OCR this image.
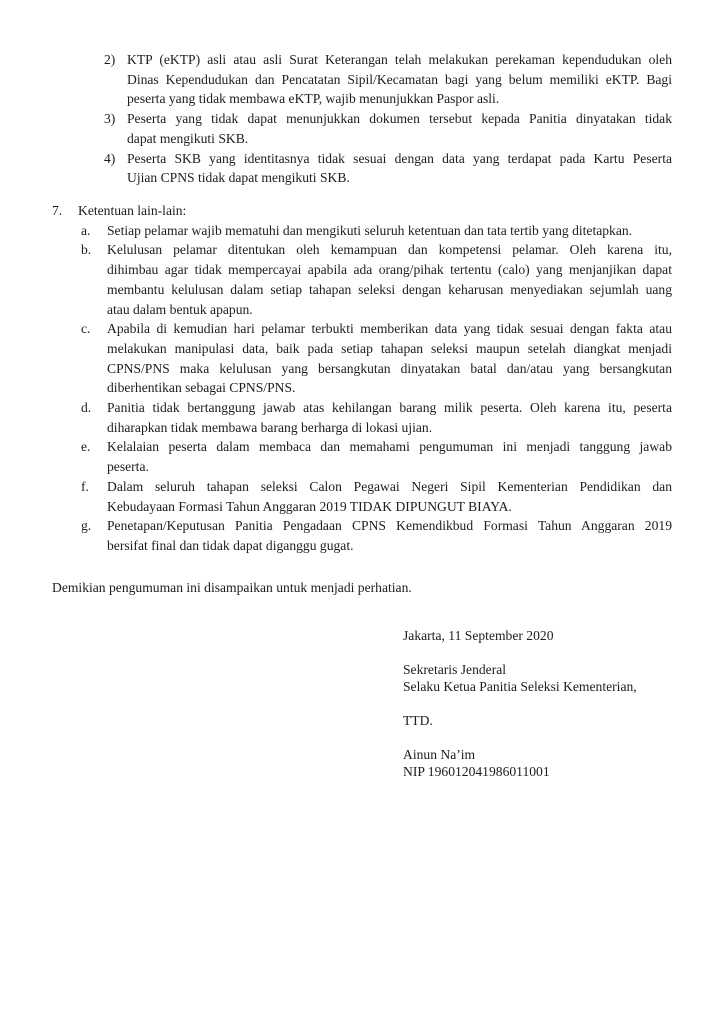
2) KTP (eKTP) asli atau asli Surat Keterangan telah melakukan perekaman kependudukan oleh
Dinas Kependudukan dan Pencatatan Sipil/Kecamatan bagi yang belum memiliki eKTP. Bagi
peserta yang tidak membawa eKTP, wajib menunjukkan Paspor asli.
3) Peserta yang tidak dapat menunjukkan dokumen tersebut kepada Panitia dinyatakan tidak
dapat mengikuti SKB.
4) Peserta SKB yang identitasnya tidak sesuai dengan data yang terdapat pada Kartu Peserta
Ujian CPNS tidak dapat mengikuti SKB.
7.	Ketentuan lain-lain:
a.	Setiap pelamar wajib mematuhi dan mengikuti seluruh ketentuan dan tata tertib yang ditetapkan.
b.	Kelulusan pelamar ditentukan oleh kemampuan dan kompetensi pelamar. Oleh karena itu,
dihimbau agar tidak mempercayai apabila ada orang/pihak tertentu (calo) yang menjanjikan dapat
membantu kelulusan dalam setiap tahapan seleksi dengan keharusan menyediakan sejumlah uang
atau dalam bentuk apapun.
c.	Apabila di kemudian hari pelamar terbukti memberikan data yang tidak sesuai dengan fakta atau
melakukan manipulasi data, baik pada setiap tahapan seleksi maupun setelah diangkat menjadi
CPNS/PNS maka kelulusan yang bersangkutan dinyatakan batal dan/atau yang bersangkutan
diberhentikan sebagai CPNS/PNS.
d.	Panitia tidak bertanggung jawab atas kehilangan barang milik peserta. Oleh karena itu, peserta
diharapkan tidak membawa barang berharga di lokasi ujian.
e.	Kelalaian peserta dalam membaca dan memahami pengumuman ini menjadi tanggung jawab
peserta.
f.	Dalam seluruh tahapan seleksi Calon Pegawai Negeri Sipil Kementerian Pendidikan dan
Kebudayaan Formasi Tahun Anggaran 2019 TIDAK DIPUNGUT BIAYA.
g.	Penetapan/Keputusan Panitia Pengadaan CPNS Kemendikbud Formasi Tahun Anggaran 2019
bersifat final dan tidak dapat diganggu gugat.
Demikian pengumuman ini disampaikan untuk menjadi perhatian.
Jakarta, 11 September 2020
Sekretaris Jenderal
Selaku Ketua Panitia Seleksi Kementerian,
TTD.
Ainun Na’im
NIP 196012041986011001
